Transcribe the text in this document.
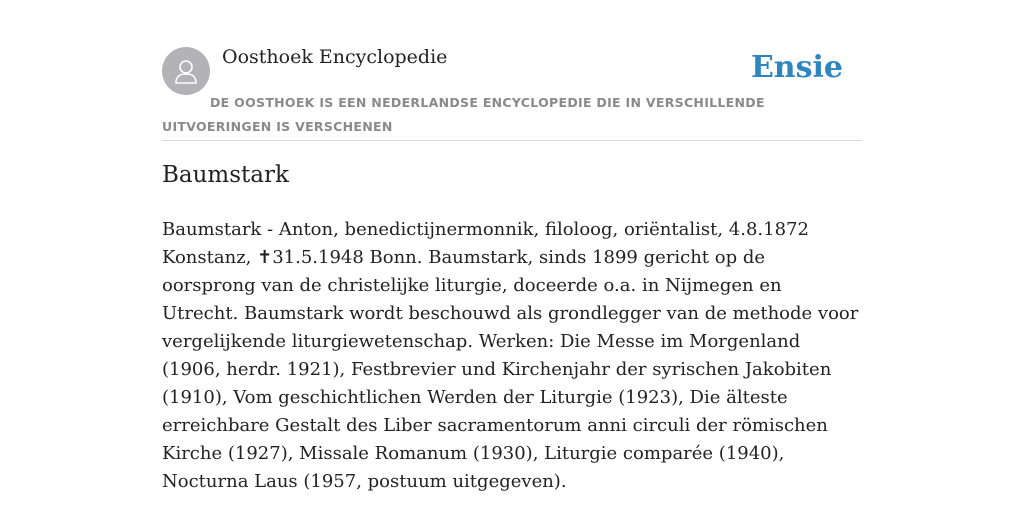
Oosthoek Encyclopedie	Ensie
DE OOSTHOEK IS EEN NEDERLANDSE ENCYCLOPEDIE DIE IN VERSCHILLENDE UITVOERINGEN IS VERSCHENEN
Baumstark

Baumstark - Anton, benedictijnermonnik, filoloog, oriëntalist, 4.8.1872 Konstanz, ✝31.5.1948 Bonn. Baumstark, sinds 1899 gericht op de oorsprong van de christelijke liturgie, doceerde o.a. in Nijmegen en Utrecht. Baumstark wordt beschouwd als grondlegger van de methode voor vergelijkende liturgiewetenschap. Werken: Die Messe im Morgenland (1906, herdr. 1921), Festbrevier und Kirchenjahr der syrischen Jakobiten (1910), Vom geschichtlichen Werden der Liturgie (1923), Die älteste erreichbare Gestalt des Liber sacramentorum anni circuli der römischen Kirche (1927), Missale Romanum (1930), Liturgie comparée (1940), Nocturna Laus (1957, postuum uitgegeven).
